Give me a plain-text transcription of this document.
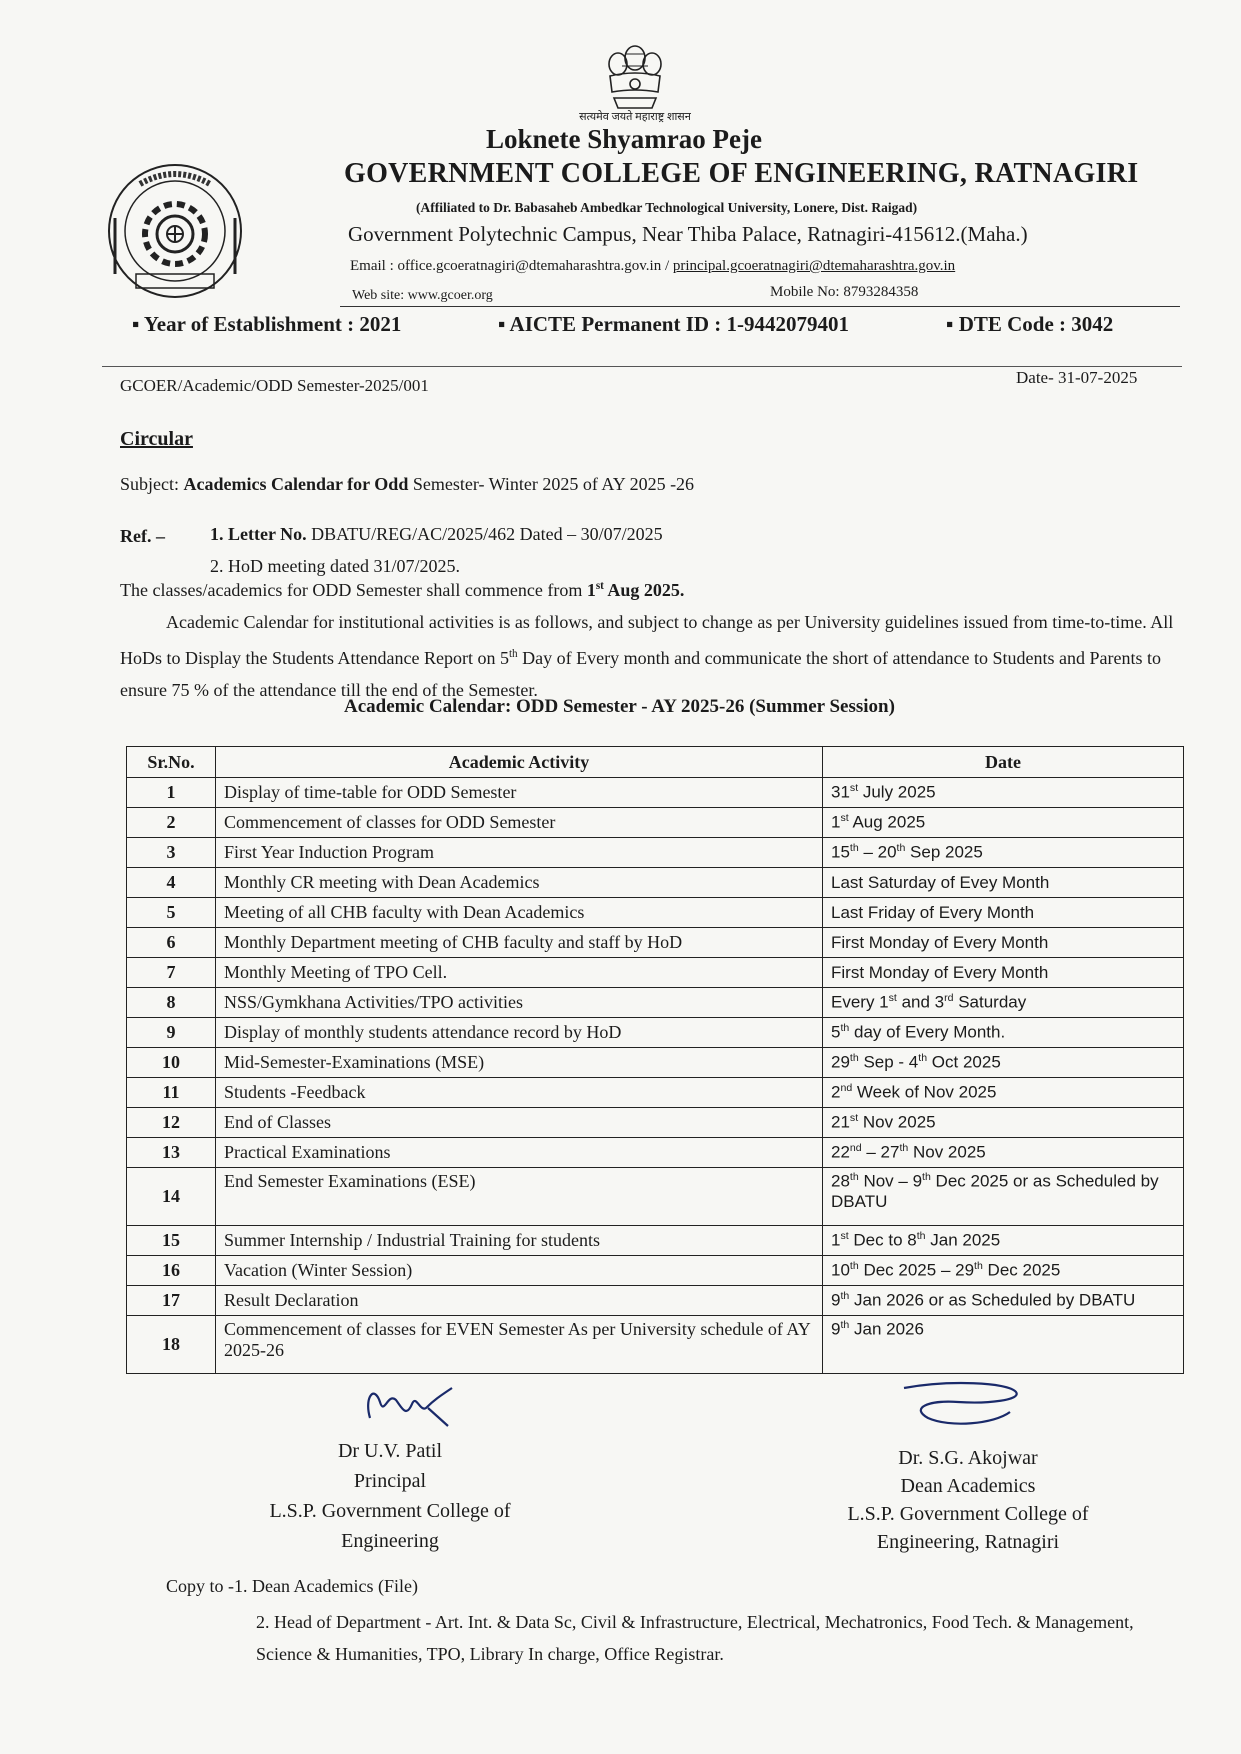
सत्यमेव जयते महाराष्ट्र शासन
Loknete Shyamrao Peje
GOVERNMENT COLLEGE OF ENGINEERING, RATNAGIRI
(Affiliated to Dr. Babasaheb Ambedkar Technological University, Lonere, Dist. Raigad)
Government Polytechnic Campus, Near Thiba Palace, Ratnagiri-415612.(Maha.)
Email : office.gcoeratnagiri@dtemaharashtra.gov.in / principal.gcoeratnagiri@dtemaharashtra.gov.in
Web site: www.gcoer.org	Mobile No: 8793284358
▪ Year of Establishment : 2021	▪ AICTE Permanent ID : 1-9442079401	▪ DTE Code : 3042
GCOER/Academic/ODD Semester-2025/001	Date- 31-07-2025
Circular
Subject: Academics Calendar for Odd Semester- Winter 2025 of AY 2025 -26
Ref. –	1. Letter No. DBATU/REG/AC/2025/462 Dated – 30/07/2025
2. HoD meeting dated 31/07/2025.
The classes/academics for ODD Semester shall commence from 1st Aug 2025.
Academic Calendar for institutional activities is as follows, and subject to change as per University guidelines issued from time-to-time. All HoDs to Display the Students Attendance Report on 5th Day of Every month and communicate the short of attendance to Students and Parents to ensure 75 % of the attendance till the end of the Semester.
Academic Calendar: ODD Semester - AY 2025-26 (Summer Session)
Sr.No.	Academic Activity	Date
1	Display of time-table for ODD Semester	31st July 2025
2	Commencement of classes for ODD Semester	1st Aug 2025
3	First Year Induction Program	15th – 20th Sep 2025
4	Monthly CR meeting with Dean Academics	Last Saturday of Evey Month
5	Meeting of all CHB faculty with Dean Academics	Last Friday of Every Month
6	Monthly Department meeting of CHB faculty and staff by HoD	First Monday of Every Month
7	Monthly Meeting of TPO Cell.	First Monday of Every Month
8	NSS/Gymkhana Activities/TPO activities	Every 1st and 3rd Saturday
9	Display of monthly students attendance record by HoD	5th day of Every Month.
10	Mid-Semester-Examinations (MSE)	29th Sep - 4th Oct 2025
11	Students -Feedback	2nd Week of Nov 2025
12	End of Classes	21st Nov 2025
13	Practical Examinations	22nd – 27th Nov 2025
14	End Semester Examinations (ESE)	28th Nov – 9th Dec 2025 or as Scheduled by DBATU
15	Summer Internship / Industrial Training for students	1st Dec to 8th Jan 2025
16	Vacation (Winter Session)	10th Dec 2025 – 29th Dec 2025
17	Result Declaration	9th Jan 2026 or as Scheduled by DBATU
18	Commencement of classes for EVEN Semester As per University schedule of AY 2025-26	9th Jan 2026
Dr U.V. Patil
Principal
L.S.P. Government College of
Engineering
Dr. S.G. Akojwar
Dean Academics
L.S.P. Government College of
Engineering, Ratnagiri
Copy to -1. Dean Academics (File)
2. Head of Department - Art. Int. & Data Sc, Civil & Infrastructure, Electrical, Mechatronics, Food Tech. & Management, Science & Humanities, TPO, Library In charge, Office Registrar.
